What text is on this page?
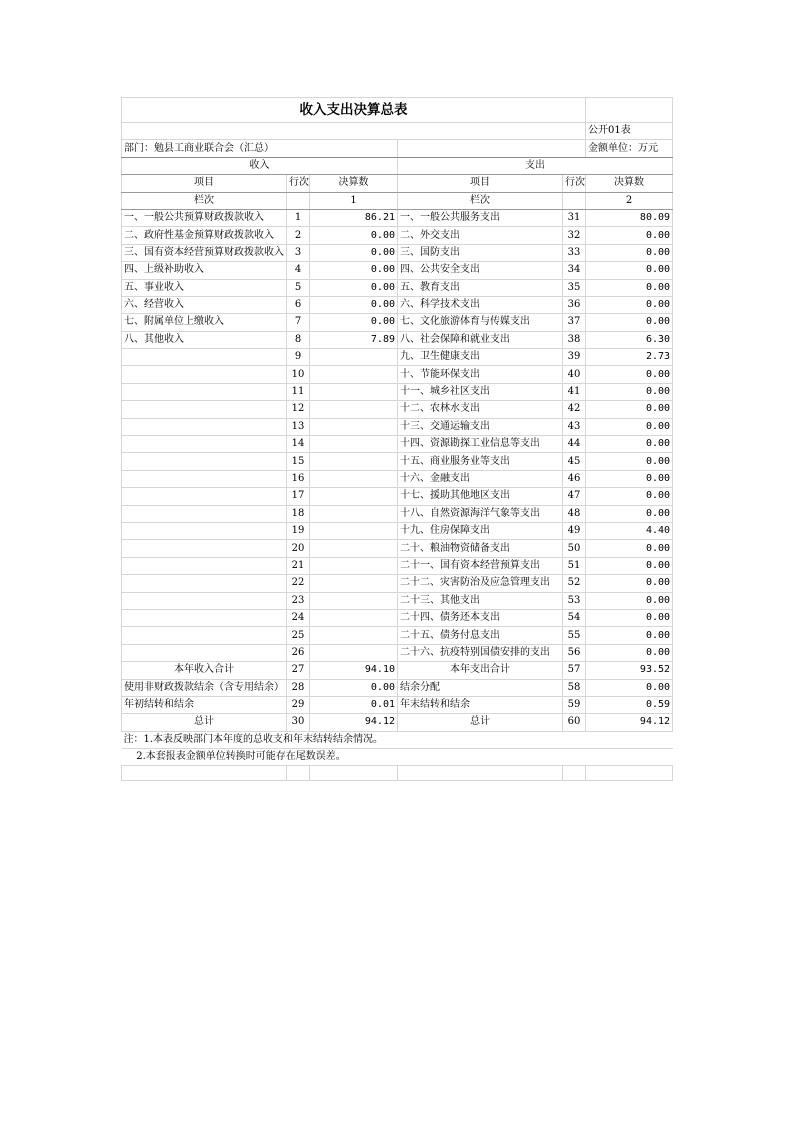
收入支出决算总表					
					公开01表
部门：勉县工商业联合会（汇总）					金额单位：万元
收入			支出		
项目	行次	决算数	项目	行次	决算数
栏次		1	栏次		2
一、一般公共预算财政拨款收入	1	86.21	一、一般公共服务支出	31	80.09
二、政府性基金预算财政拨款收入	2	0.00	二、外交支出	32	0.00
三、国有资本经营预算财政拨款收入	3	0.00	三、国防支出	33	0.00
四、上级补助收入	4	0.00	四、公共安全支出	34	0.00
五、事业收入	5	0.00	五、教育支出	35	0.00
六、经营收入	6	0.00	六、科学技术支出	36	0.00
七、附属单位上缴收入	7	0.00	七、文化旅游体育与传媒支出	37	0.00
八、其他收入	8	7.89	八、社会保障和就业支出	38	6.30
	9		九、卫生健康支出	39	2.73
	10		十、节能环保支出	40	0.00
	11		十一、城乡社区支出	41	0.00
	12		十二、农林水支出	42	0.00
	13		十三、交通运输支出	43	0.00
	14		十四、资源勘探工业信息等支出	44	0.00
	15		十五、商业服务业等支出	45	0.00
	16		十六、金融支出	46	0.00
	17		十七、援助其他地区支出	47	0.00
	18		十八、自然资源海洋气象等支出	48	0.00
	19		十九、住房保障支出	49	4.40
	20		二十、粮油物资储备支出	50	0.00
	21		二十一、国有资本经营预算支出	51	0.00
	22		二十二、灾害防治及应急管理支出	52	0.00
	23		二十三、其他支出	53	0.00
	24		二十四、债务还本支出	54	0.00
	25		二十五、债务付息支出	55	0.00
	26		二十六、抗疫特别国债安排的支出	56	0.00
本年收入合计	27	94.10	本年支出合计	57	93.52
使用非财政拨款结余（含专用结余）	28	0.00	结余分配	58	0.00
年初结转和结余	29	0.01	年末结转和结余	59	0.59
总计	30	94.12	总计	60	94.12
注：1.本表反映部门本年度的总收支和年末结转结余情况。					
2.本套报表金额单位转换时可能存在尾数误差。					
